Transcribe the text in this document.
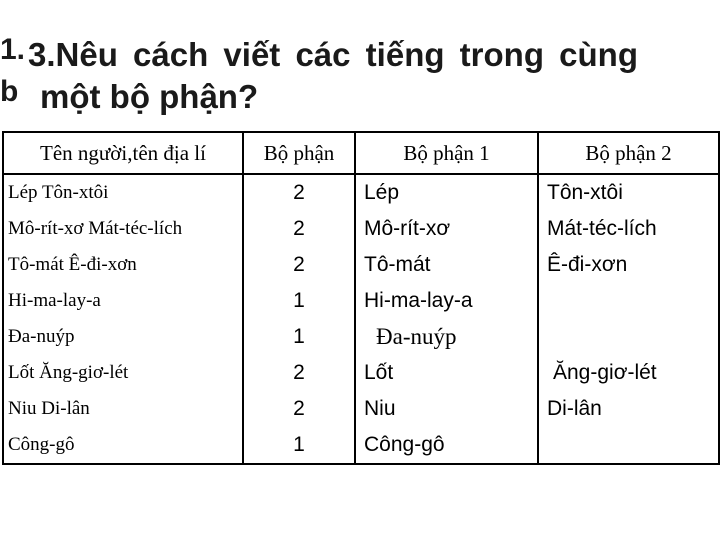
1.
b
3.Nêu cách viết các tiếng trong cùng
một bộ phận?
Tên người,tên địa lí	Bộ phận	Bộ phận 1	Bộ phận 2
Lép Tôn-xtôi	2	Lép	Tôn-xtôi
Mô-rít-xơ Mát-téc-lích	2	Mô-rít-xơ	Mát-téc-lích
Tô-mát Ê-đi-xơn	2	Tô-mát	Ê-đi-xơn
Hi-ma-lay-a	1	Hi-ma-lay-a	
Đa-nuýp	1	Đa-nuýp	
Lốt Ăng-giơ-lét	2	Lốt	Ăng-giơ-lét
Niu Di-lân	2	Niu	Di-lân
Công-gô	1	Công-gô	
